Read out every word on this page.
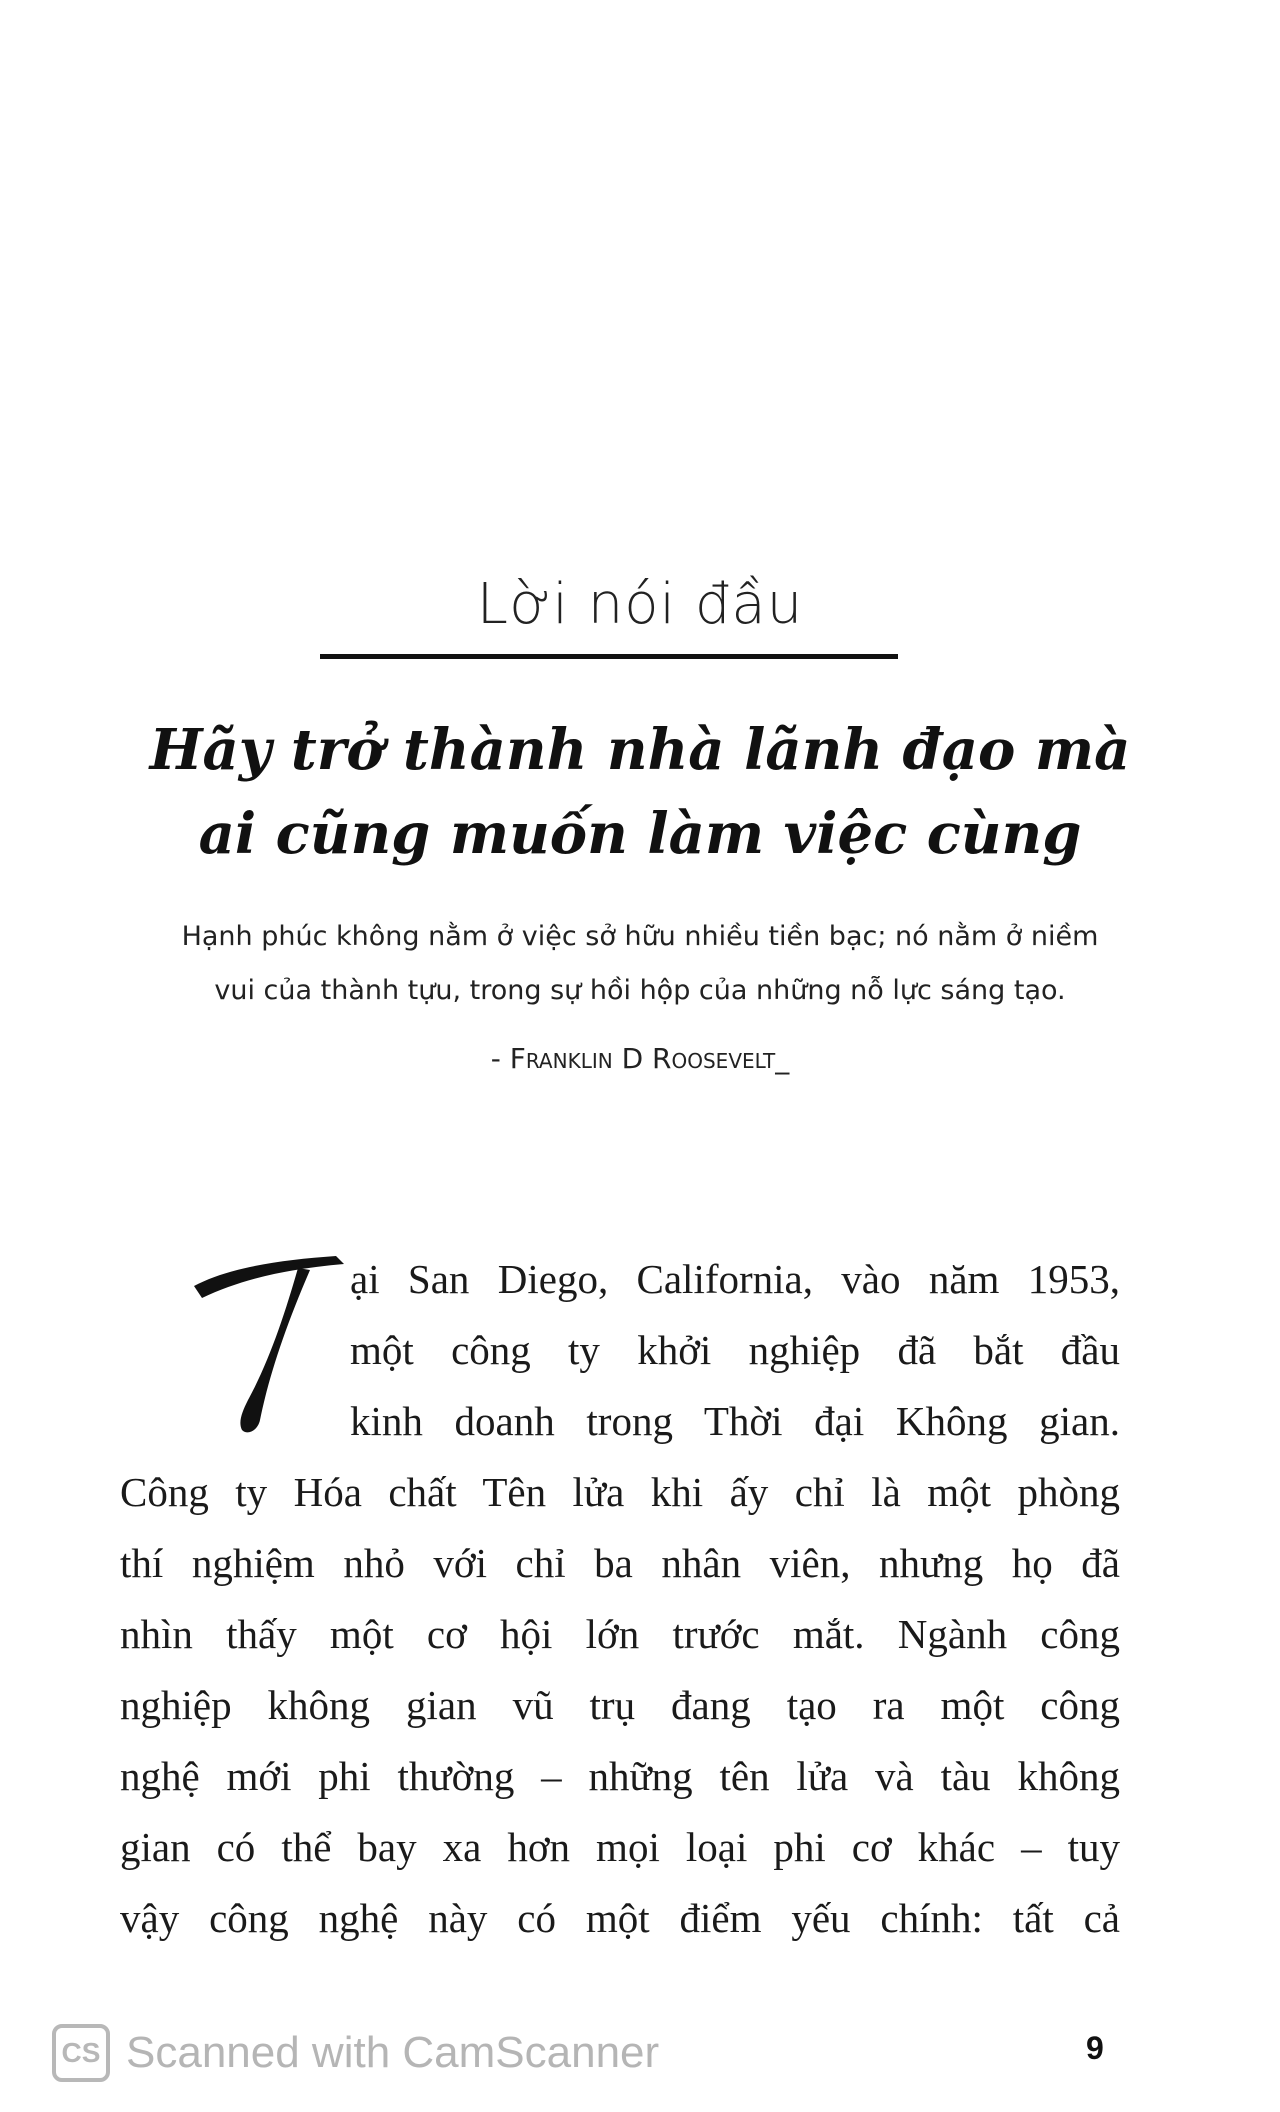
Lời nói đầu
Hãy trở thành nhà lãnh đạo mà
ai cũng muốn làm việc cùng
Hạnh phúc không nằm ở việc sở hữu nhiều tiền bạc; nó nằm ở niềm
vui của thành tựu, trong sự hồi hộp của những nỗ lực sáng tạo.
- Franklin D Roosevelt_
ại San Diego, California, vào năm 1953,
một công ty khởi nghiệp đã bắt đầu
kinh doanh trong Thời đại Không gian.
Công ty Hóa chất Tên lửa khi ấy chỉ là một phòng
thí nghiệm nhỏ với chỉ ba nhân viên, nhưng họ đã
nhìn thấy một cơ hội lớn trước mắt. Ngành công
nghiệp không gian vũ trụ đang tạo ra một công
nghệ mới phi thường – những tên lửa và tàu không
gian có thể bay xa hơn mọi loại phi cơ khác – tuy
vậy công nghệ này có một điểm yếu chính: tất cả
CS Scanned with CamScanner	9
